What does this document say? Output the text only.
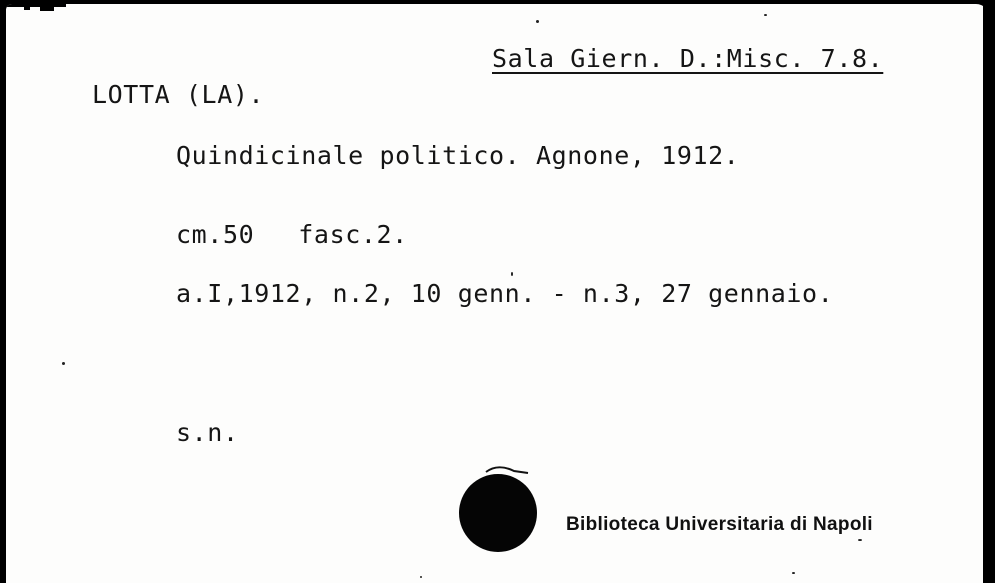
Sala Giern. D.:Misc. 7.8.
LOTTA (LA).
Quindicinale politico. Agnone, 1912.
cm.50 fasc.2.
a.I,1912, n.2, 10 genn. - n.3, 27 gennaio.
s.n.
Biblioteca Universitaria di Napoli
